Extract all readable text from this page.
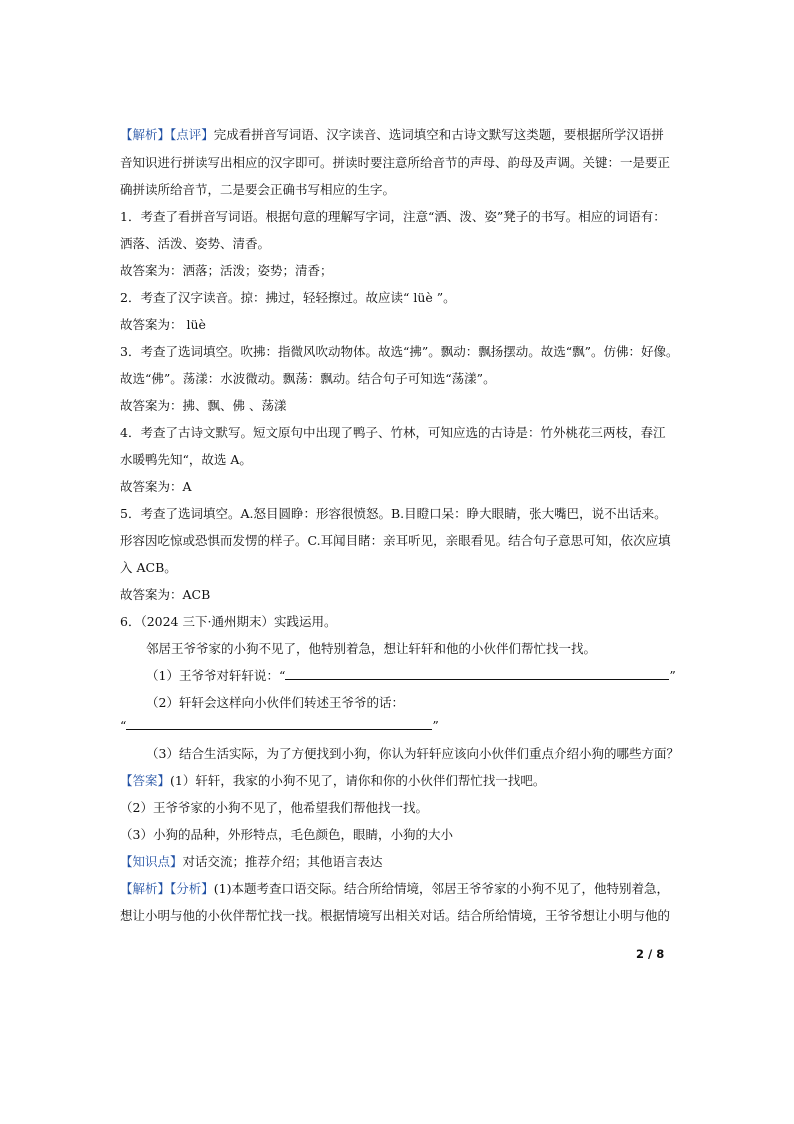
【解析】【点评】完成看拼音写词语、汉字读音、选词填空和古诗文默写这类题，要根据所学汉语拼
音知识进行拼读写出相应的汉字即可。拼读时要注意所给音节的声母、韵母及声调。关键：一是要正
确拼读所给音节，二是要会正确书写相应的生字。
1．考查了看拼音写词语。根据句意的理解写字词，注意“洒、泼、姿”凳子的书写。相应的词语有：
洒落、活泼、姿势、清香。
故答案为：洒落；活泼；姿势；清香；
2．考查了汉字读音。掠：拂过，轻轻擦过。故应读“ lüè ”。
故答案为： lüè
3．考查了选词填空。吹拂：指微风吹动物体。故选“拂”。飘动：飘扬摆动。故选“飘”。仿佛：好像。
故选“佛”。荡漾：水波微动。飘荡：飘动。结合句子可知选“荡漾”。
故答案为：拂、飘、佛 、荡漾
4．考查了古诗文默写。短文原句中出现了鸭子、竹林，可知应选的古诗是：竹外桃花三两枝，春江
水暖鸭先知“，故选 A。
故答案为：A
5．考查了选词填空。A.怒目圆睁：形容很愤怒。B.目瞪口呆：睁大眼睛，张大嘴巴，说不出话来。
形容因吃惊或恐惧而发愣的样子。C.耳闻目睹：亲耳听见，亲眼看见。结合句子意思可知，依次应填
入 ACB。
故答案为：ACB
6．（2024 三下·通州期末）实践运用。
邻居王爷爷家的小狗不见了，他特别着急，想让轩轩和他的小伙伴们帮忙找一找。
（1）王爷爷对轩轩说：“	”
（2）轩轩会这样向小伙伴们转述王爷爷的话：
“	”
（3）结合生活实际，为了方便找到小狗，你认为轩轩应该向小伙伴们重点介绍小狗的哪些方面？
【答案】(1）轩轩，我家的小狗不见了，请你和你的小伙伴们帮忙找一找吧。
（2）王爷爷家的小狗不见了，他希望我们帮他找一找。
（3）小狗的品种，外形特点，毛色颜色，眼睛，小狗的大小
【知识点】对话交流；推荐介绍；其他语言表达
【解析】【分析】(1)本题考查口语交际。结合所给情境，邻居王爷爷家的小狗不见了，他特别着急，
想让小明与他的小伙伴帮忙找一找。根据情境写出相关对话。结合所给情境，王爷爷想让小明与他的
2 / 8
